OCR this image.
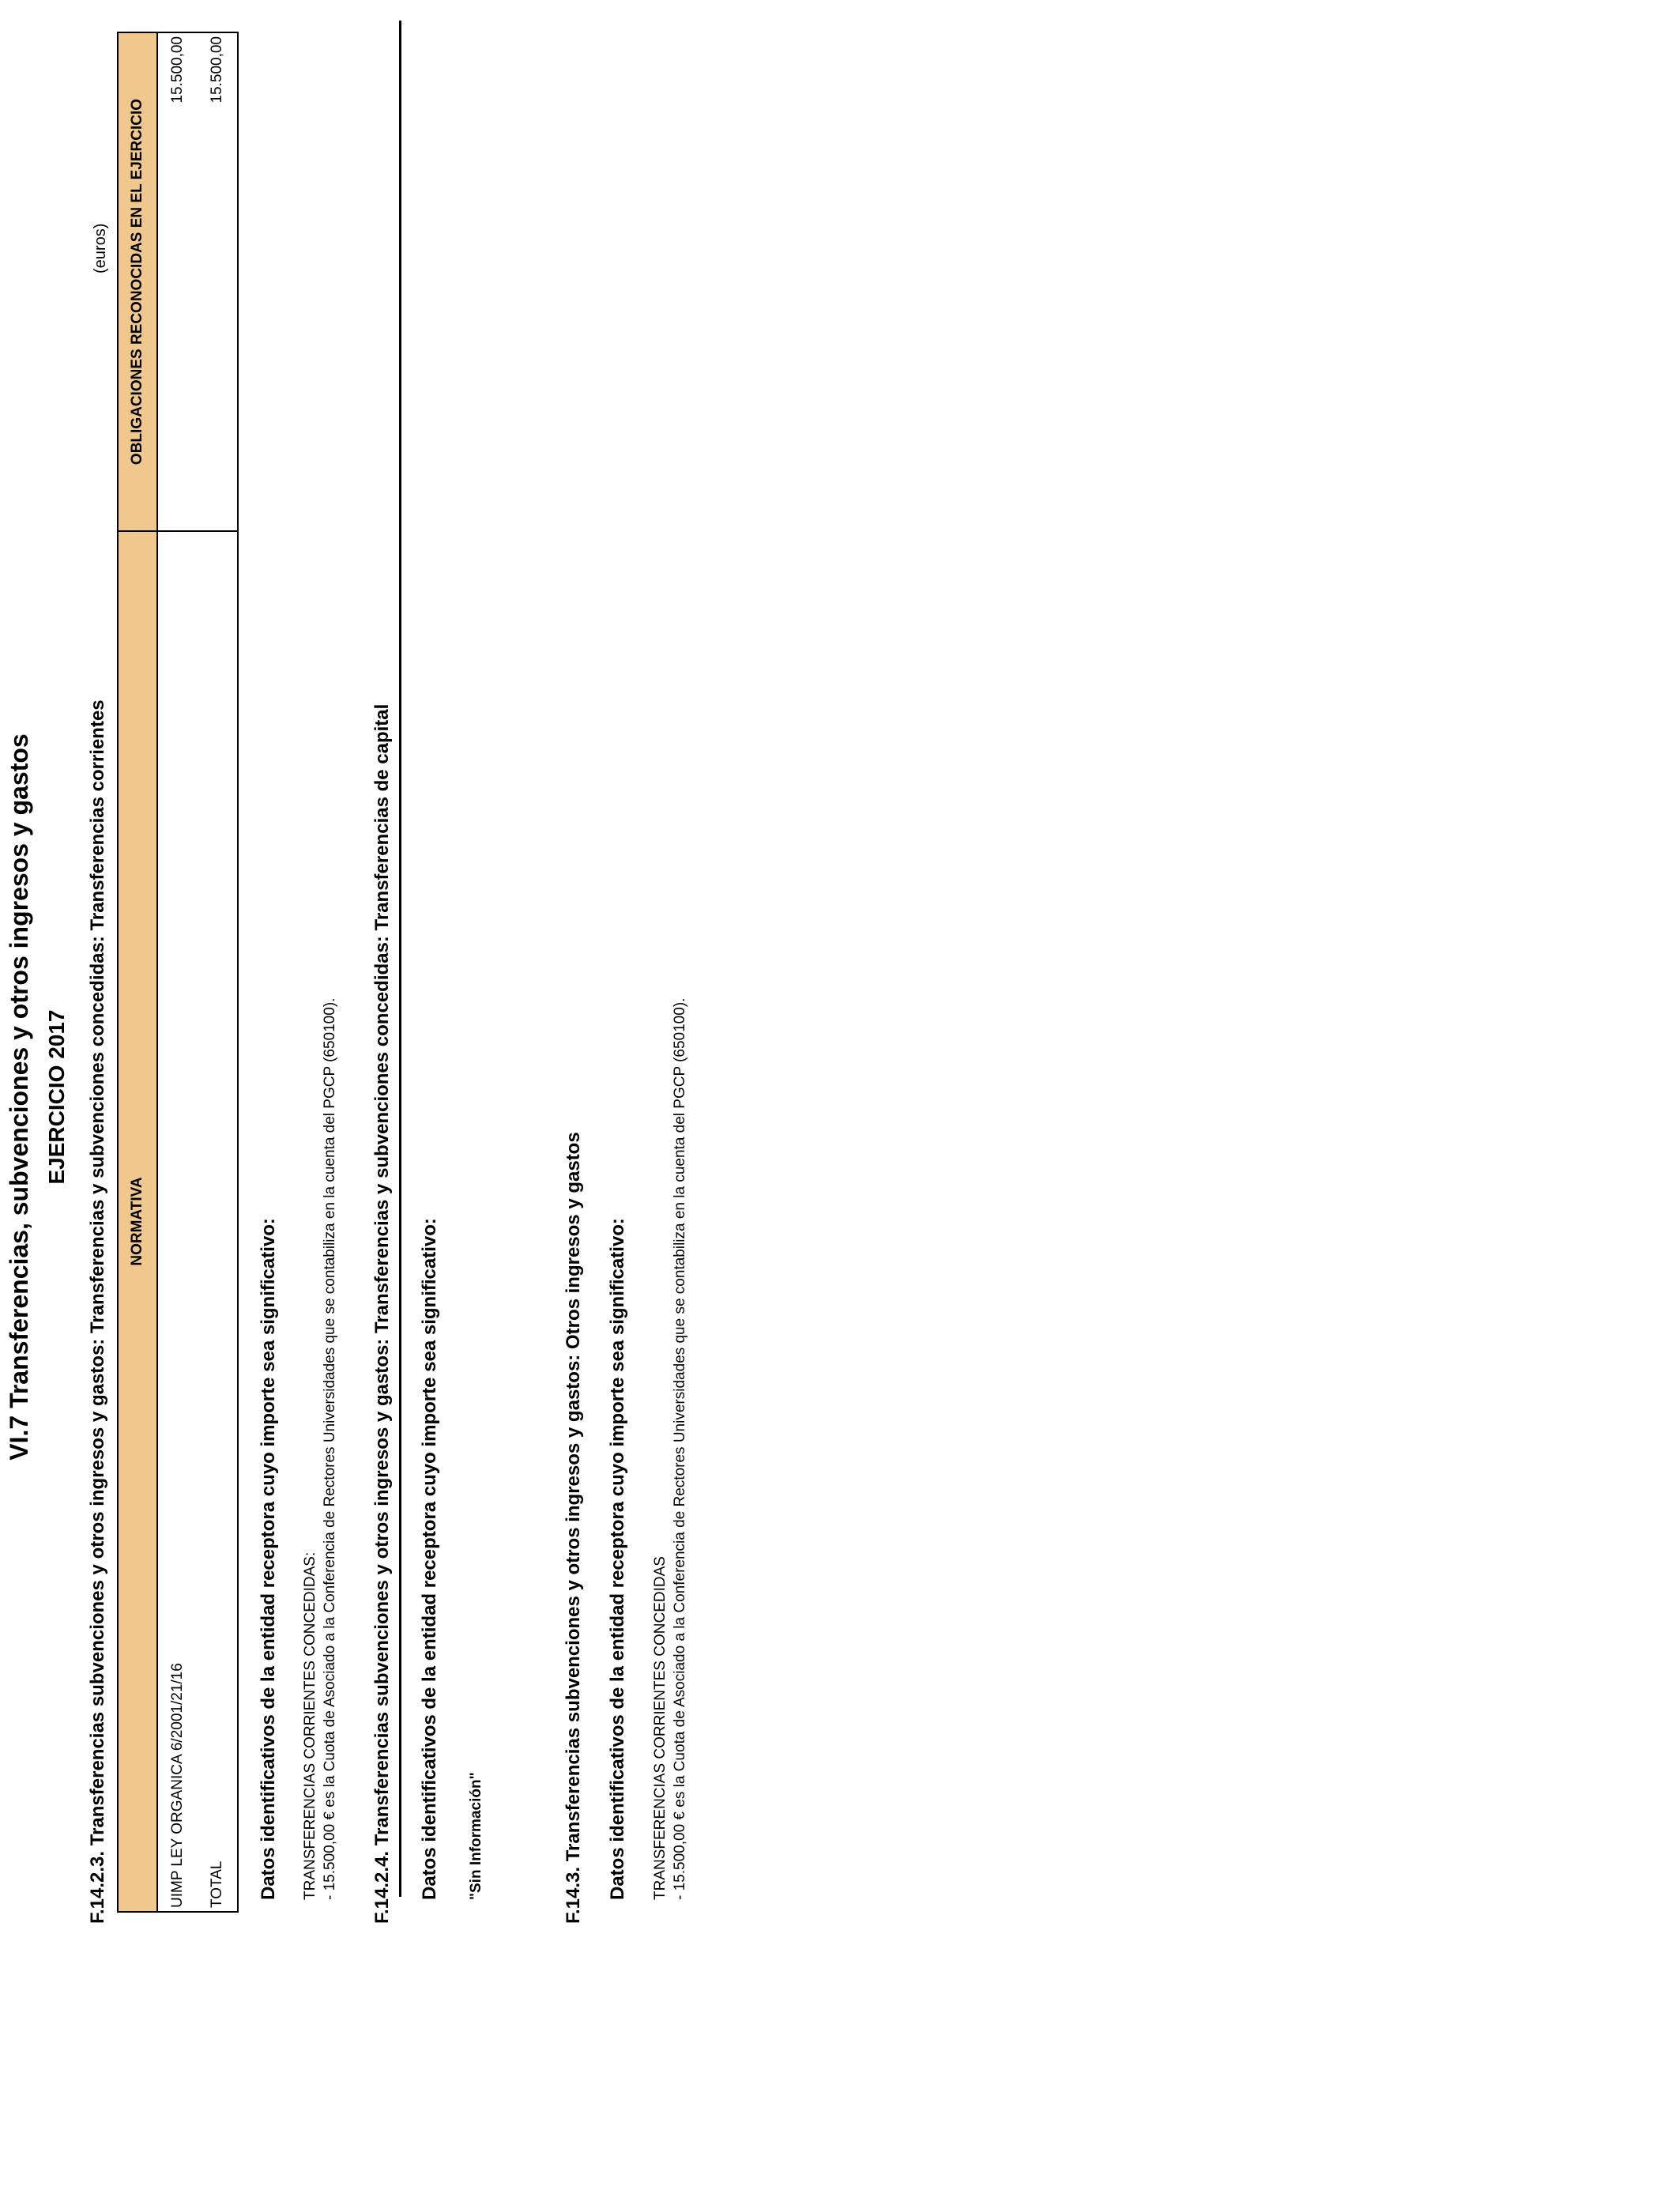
VI.7 Transferencias, subvenciones y otros ingresos y gastos EJERCICIO 2017 F.14.2.3. Transferencias subvenciones y otros ingresos y gastos: Transferencias y subvenciones concedidas: Transferencias corrientes
(euros)
NORMATIVA	OBLIGACIONES RECONOCIDAS EN EL EJERCICIO
UIMP LEY ORGANICA 6/2001/21/16	15.500,00
TOTAL	15.500,00
Datos identificativos de la entidad receptora cuyo importe sea significativo: TRANSFERENCIAS CORRIENTES CONCEDIDAS: - 15.500,00 € es la Cuota de Asociado a la Conferencia de Rectores Universidades que se contabiliza en la cuenta del PGCP (650100). F.14.2.4. Transferencias subvenciones y otros ingresos y gastos: Transferencias y subvenciones concedidas: Transferencias de capital Datos identificativos de la entidad receptora cuyo importe sea significativo: "Sin Información"	F.14.3. Transferencias subvenciones y otros ingresos y gastos: Otros ingresos y gastos Datos identificativos de la entidad receptora cuyo importe sea significativo: TRANSFERENCIAS CORRIENTES CONCEDIDAS - 15.500,00 € es la Cuota de Asociado a la Conferencia de Rectores Universidades que se contabiliza en la cuenta del PGCP (650100).
